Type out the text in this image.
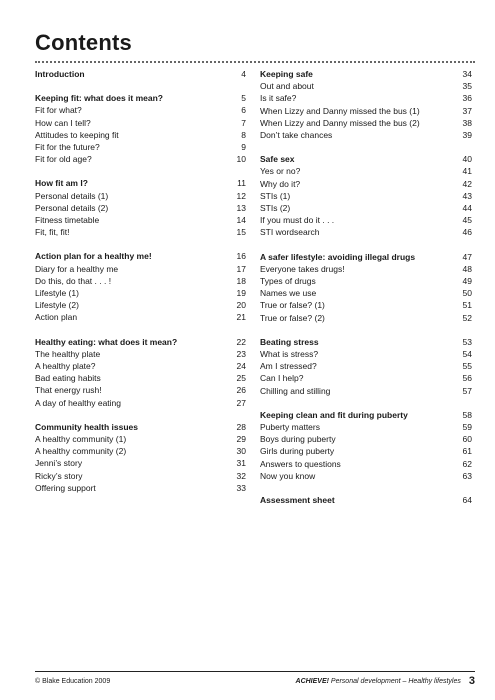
Contents
Introduction	4
Keeping fit: what does it mean?	5
Fit for what?	6
How can I tell?	7
Attitudes to keeping fit	8
Fit for the future?	9
Fit for old age?	10
How fit am I?	11
Personal details (1)	12
Personal details (2)	13
Fitness timetable	14
Fit, fit, fit!	15
Action plan for a healthy me!	16
Diary for a healthy me	17
Do this, do that . . . !	18
Lifestyle (1)	19
Lifestyle (2)	20
Action plan	21
Healthy eating: what does it mean?	22
The healthy plate	23
A healthy plate?	24
Bad eating habits	25
That energy rush!	26
A day of healthy eating	27
Community health issues	28
A healthy community (1)	29
A healthy community (2)	30
Jenni’s story	31
Ricky’s story	32
Offering support	33
Keeping safe	34
Out and about	35
Is it safe?	36
When Lizzy and Danny missed the bus (1)	37
When Lizzy and Danny missed the bus (2)	38
Don’t take chances	39
Safe sex	40
Yes or no?	41
Why do it?	42
STIs (1)	43
STIs (2)	44
If you must do it . . .	45
STI wordsearch	46
A safer lifestyle: avoiding illegal drugs	47
Everyone takes drugs!	48
Types of drugs	49
Names we use	50
True or false? (1)	51
True or false? (2)	52
Beating stress	53
What is stress?	54
Am I stressed?	55
Can I help?	56
Chilling and stilling	57
Keeping clean and fit during puberty	58
Puberty matters	59
Boys during puberty	60
Girls during puberty	61
Answers to questions	62
Now you know	63
Assessment sheet	64
© Blake Education 2009	ACHIEVE! Personal development – Healthy lifestyles 3
